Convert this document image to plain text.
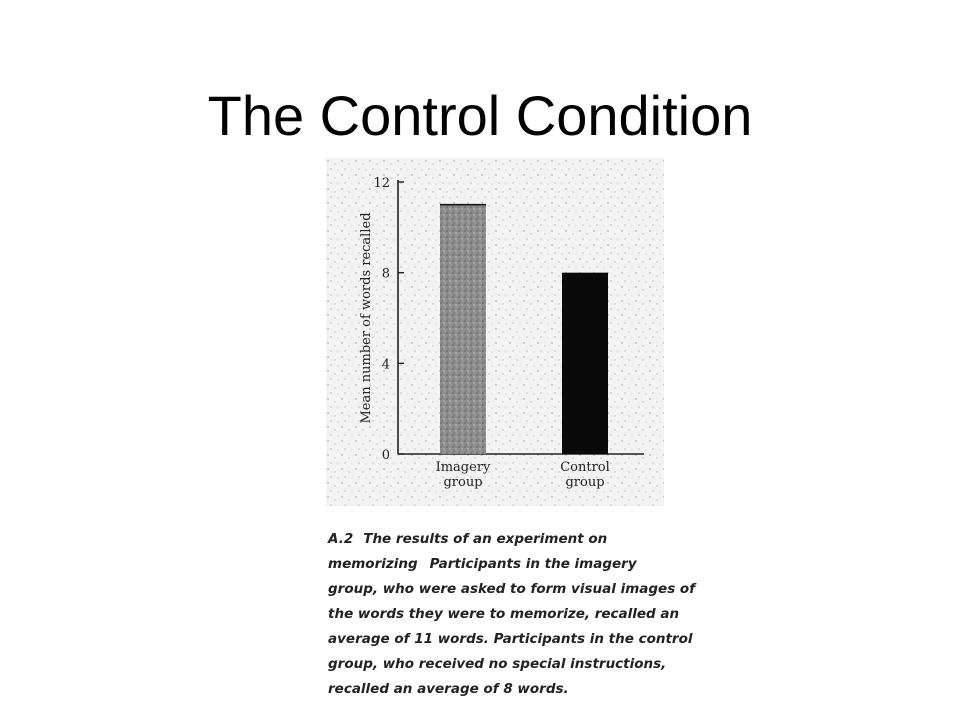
The Control Condition
0
4
8
12
Imagery
group
Control
group
Mean number of words recalled
A.2 The results of an experiment on
memorizing Participants in the imagery
group, who were asked to form visual images of
the words they were to memorize, recalled an
average of 11 words. Participants in the control
group, who received no special instructions,
recalled an average of 8 words.
